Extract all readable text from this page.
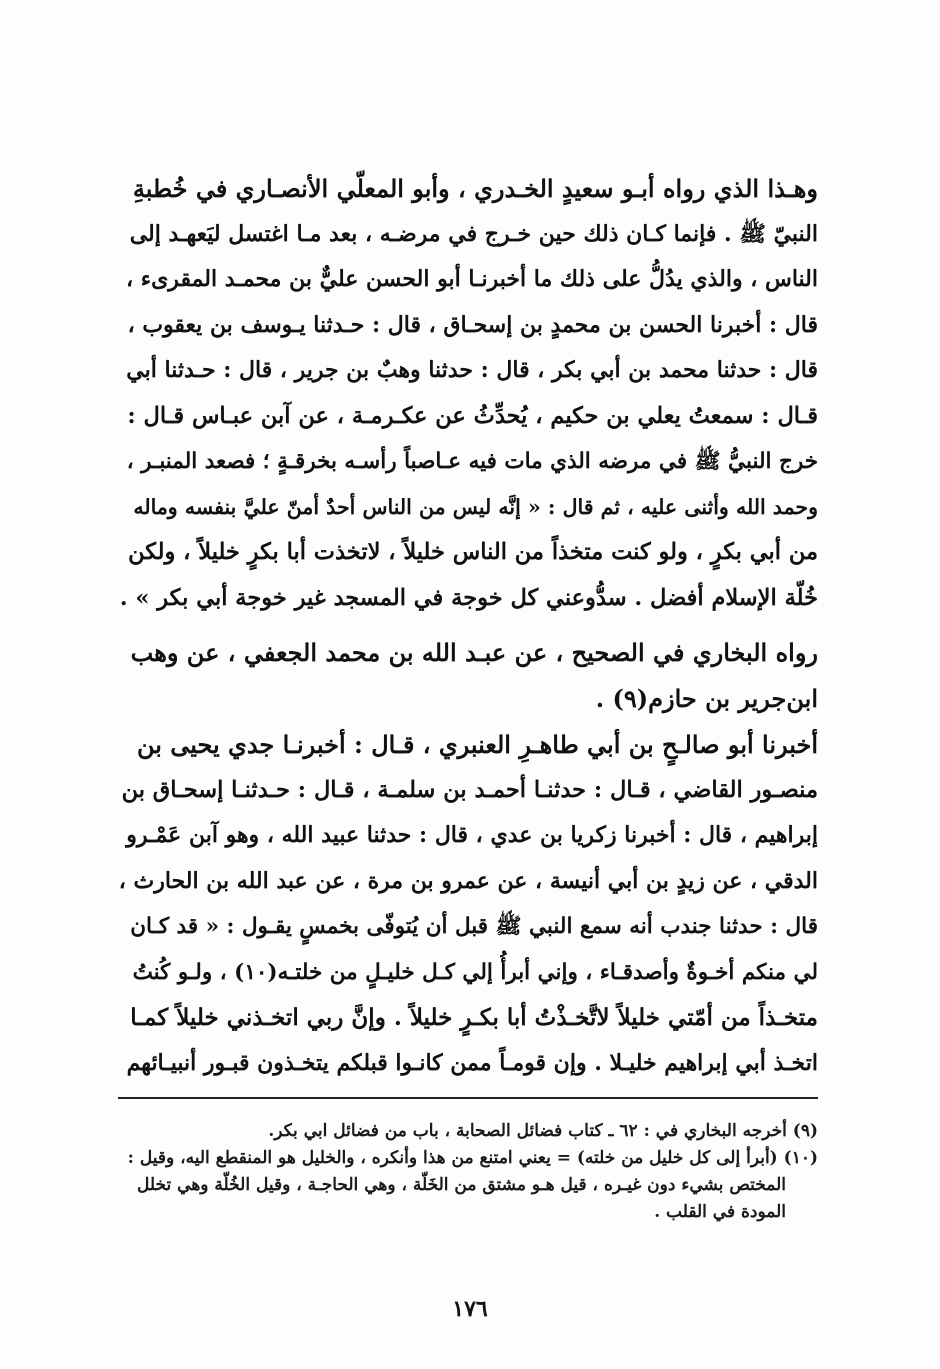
وهـذا الذي رواه أبـو سعيدٍ الخـدري ، وأبو المعلّي الأنصـاري في خُطبةِ
النبيّ ﷺ . فإنما كـان ذلك حين خـرج في مرضـه ، بعد مـا اغتسل ليَعهـد إلى
الناس ، والذي يدُلُّ على ذلك ما أخبرنـا أبو الحسن عليٌّ بن محمـد المقرىء ،
قال : أخبرنا الحسن بن محمدٍ بن إسحـاق ، قال : حـدثنا يـوسف بن يعقوب ،
قال : حدثنا محمد بن أبي بكر ، قال : حدثنا وهبٌ بن جرير ، قال : حـدثنا أبي
قـال : سمعتُ يعلي بن حكيم ، يُحدِّثُ عن عكـرمـة ، عن آبن عبـاس قـال :
خرج النبيُّ ﷺ في مرضه الذي مات فيه عـاصباً رأسـه بخرقـةٍ ؛ فصعد المنبـر ،
وحمد الله وأثنى عليه ، ثم قال : « إنَّه ليس من الناس أحدٌ أمنّ عليَّ بنفسه وماله
من أبي بكرٍ ، ولو كنت متخذاً من الناس خليلاً ، لاتخذت أبا بكرٍ خليلاً ، ولكن
خُلّة الإسلام أفضل . سدُّوعني كل خوجة في المسجد غير خوجة أبي بكر » .
رواه البخاري في الصحيح ، عن عبـد الله بن محمد الجعفي ، عن وهب
ابن‌جرير بن حازم(٩) .
أخبرنا أبو صالـحٍ بن أبي طاهـرِ العنبري ، قـال : أخبرنـا جدي يحيى بن
منصـور القاضي ، قـال : حدثنـا أحمـد بن سلمـة ، قـال : حـدثنـا إسحـاق بن
إبراهيم ، قال : أخبرنا زكريا بن عدي ، قال : حدثنا عبيد الله ، وهو آبن عَمْـرو
الدقي ، عن زيدٍ بن أبي أنيسة ، عن عمرو بن مرة ، عن عبد الله بن الحارث ،
قال : حدثنا جندب أنه سمع النبي ﷺ قبل أن يُتوفّى بخمسٍ يقـول : « قد كـان
لي منكم أخـوةٌ وأصدقـاء ، وإني أبرأُ إلي كـل خليـلٍ من خلتـه(١٠) ، ولـو كُنتُ
متخـذاً من أمّتي خليلاً لاتَّخـذْتُ أبا بكـرٍ خليلاً . وإنَّ ربي اتخـذني خليلاً كمـا
اتخـذ أبي إبراهيم خليـلا . وإن قومـاً ممن كانـوا قبلكم يتخـذون قبـور أنبيـائهم
(٩) أخرجه البخاري في : ٦٢ ـ كتاب فضائل الصحابة ، باب من فضائل ابي بكر.
(١٠) (أبرأ إلى كل خليل من خلته) = يعني امتنع من هذا وأنكره ، والخليل هو المنقطع اليه، وقيل :
المختص بشيء دون غيـره ، قيل هـو مشتق من الخَلّة ، وهي الحاجـة ، وقيل الخُلّة وهي تخلل
المودة في القلب .
١٧٦
